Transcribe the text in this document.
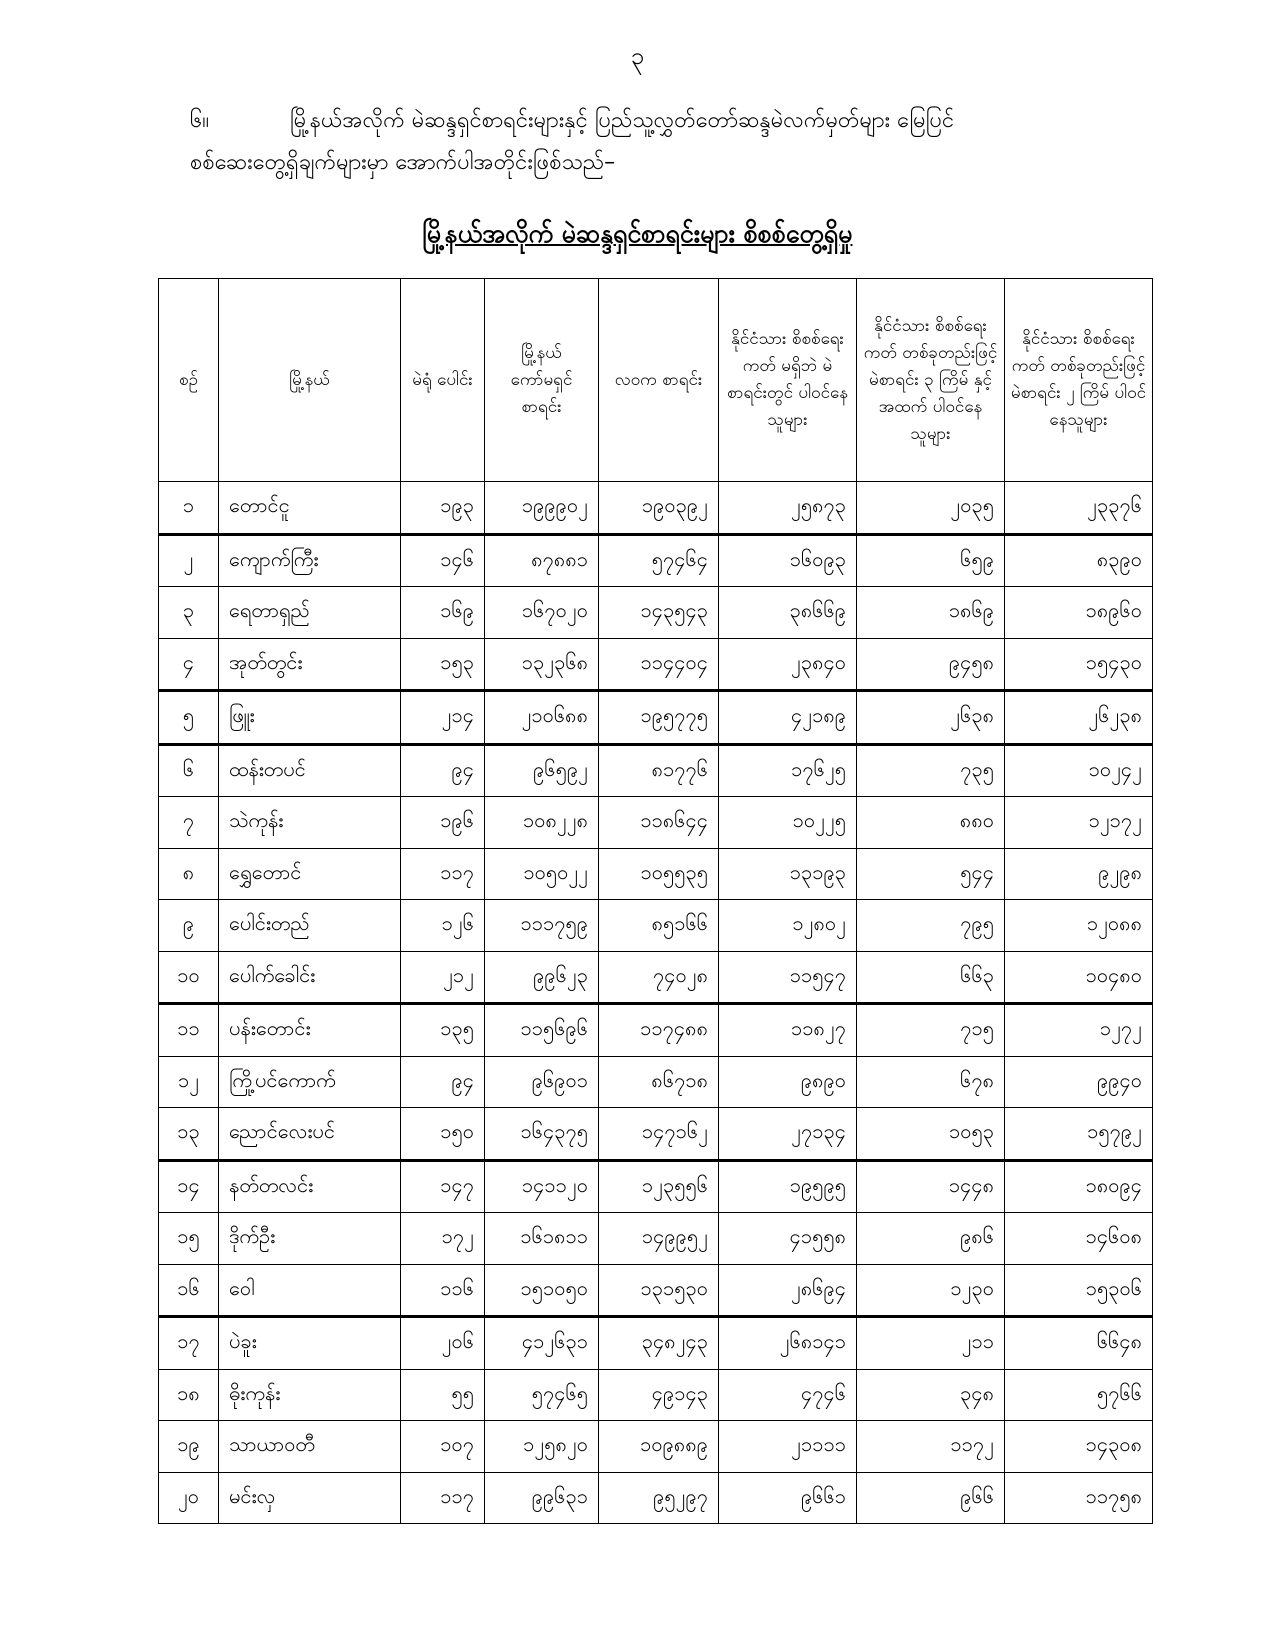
၃
၆။	မြို့နယ်အလိုက် မဲဆန္ဒရှင်စာရင်းများနှင့် ပြည်သူ့လွှတ်တော်ဆန္ဒမဲလက်မှတ်များ မြေပြင်
စစ်ဆေးတွေ့ရှိချက်များမှာ အောက်ပါအတိုင်းဖြစ်သည်–
မြို့နယ်အလိုက် မဲဆန္ဒရှင်စာရင်းများ စိစစ်တွေ့ရှိမှု
စဉ်	မြို့နယ်	မဲရုံ ပေါင်း	မြို့နယ် ကော်မရှင် စာရင်း	လဝက စာရင်း	နိုင်ငံသား စိစစ်ရေးကတ် မရှိဘဲ မဲစာရင်းတွင် ပါဝင်နေသူများ	နိုင်ငံသား စိစစ်ရေးကတ် တစ်ခုတည်းဖြင့် မဲစာရင်း ၃ ကြိမ် နှင့်အထက် ပါဝင်နေသူများ	နိုင်ငံသား စိစစ်ရေးကတ် တစ်ခုတည်းဖြင့် မဲစာရင်း ၂ ကြိမ် ပါဝင်နေသူများ
၁	တောင်ငူ	၁၉၃	၁၉၉၉၀၂	၁၉၀၃၉၂	၂၅၈၇၃	၂၀၃၅	၂၃၃၇၆
၂	ကျောက်ကြီး	၁၄၆	၈၇၈၈၁	၅၇၄၆၄	၁၆၀၉၃	၆၅၉	၈၃၉၀
၃	ရေတာရှည်	၁၆၉	၁၆၇၀၂၀	၁၄၃၅၄၃	၃၈၆၆၉	၁၈၆၉	၁၈၉၆၀
၄	အုတ်တွင်း	၁၅၃	၁၃၂၃၆၈	၁၁၄၄၀၄	၂၃၈၄၀	၉၄၅၈	၁၅၄၃၀
၅	ဖြူး	၂၁၄	၂၁၀၆၈၈	၁၉၅၇၇၅	၄၂၁၈၉	၂၆၃၈	၂၆၂၃၈
၆	ထန်းတပင်	၉၄	၉၆၅၉၂	၈၁၇၇၆	၁၇၆၂၅	၇၃၅	၁၀၂၄၂
၇	သဲကုန်း	၁၉၆	၁၀၈၂၂၈	၁၁၈၆၄၄	၁၀၂၂၅	၈၈၀	၁၂၁၇၂
၈	ရွှေတောင်	၁၁၇	၁၀၅၀၂၂	၁၀၅၅၃၅	၁၃၁၉၃	၅၄၄	၉၂၉၈
၉	ပေါင်းတည်	၁၂၆	၁၁၁၇၅၉	၈၅၁၆၆	၁၂၈၀၂	၇၉၅	၁၂၀၈၈
၁၀	ပေါက်ခေါင်း	၂၁၂	၉၉၆၂၃	၇၄၀၂၈	၁၁၅၄၇	၆၆၃	၁၀၄၈၀
၁၁	ပန်းတောင်း	၁၃၅	၁၁၅၆၉၆	၁၁၇၄၈၈	၁၁၈၂၇	၇၁၅	၁၂၇၂
၁၂	ကြို့ပင်ကောက်	၉၄	၉၆၉၀၁	၈၆၇၁၈	၉၈၉၀	၆၇၈	၉၉၄၀
၁၃	ညောင်လေးပင်	၁၅၀	၁၆၄၃၇၅	၁၄၇၁၆၂	၂၇၁၃၄	၁၀၅၃	၁၅၇၉၂
၁၄	နတ်တလင်း	၁၄၇	၁၄၁၁၂၀	၁၂၃၅၅၆	၁၉၅၉၅	၁၄၄၈	၁၈၀၉၄
၁၅	ဒိုက်ဦး	၁၇၂	၁၆၁၈၁၁	၁၄၉၉၅၂	၄၁၅၅၈	၉၈၆	၁၄၆၀၈
၁၆	ဝေါ	၁၁၆	၁၅၁၀၅၀	၁၃၁၅၃၀	၂၈၆၉၄	၁၂၃၀	၁၅၃၀၆
၁၇	ပဲခူး	၂၀၆	၄၁၂၆၃၁	၃၄၈၂၄၃	၂၆၈၁၄၁	၂၁၁	၆၆၄၈
၁၈	ဓိုးကုန်း	၅၅	၅၇၄၆၅	၄၉၁၄၃	၄၇၄၆	၃၄၈	၅၇၆၆
၁၉	သာယာဝတီ	၁၀၇	၁၂၅၈၂၀	၁၀၉၈၈၉	၂၁၁၁၁	၁၁၇၂	၁၄၃၀၈
၂၀	မင်းလှ	၁၁၇	၉၉၆၃၁	၉၅၂၉၇	၉၆၆၁	၉၆၆	၁၁၇၅၈
